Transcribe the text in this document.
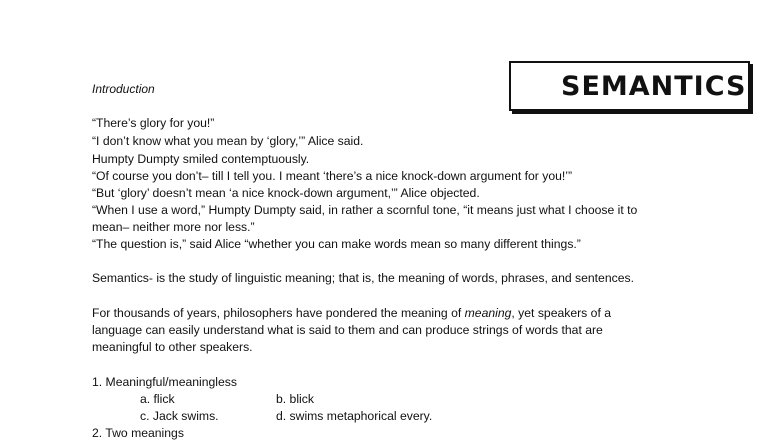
SEMANTICS
Introduction
“There’s glory for you!”
“I don’t know what you mean by ‘glory,’” Alice said.
Humpty Dumpty smiled contemptuously.
“Of course you don’t– till I tell you. I meant ‘there’s a nice knock-down argument for you!’”
“But ‘glory’ doesn’t mean ‘a nice knock-down argument,’” Alice objected.
“When I use a word,” Humpty Dumpty said, in rather a scornful tone, “it means just what I choose it to
mean– neither more nor less.”
“The question is,” said Alice “whether you can make words mean so many different things.”
Semantics- is the study of linguistic meaning; that is, the meaning of words, phrases, and sentences.
For thousands of years, philosophers have pondered the meaning of meaning, yet speakers of a
language can easily understand what is said to them and can produce strings of words that are
meaningful to other speakers.
1. Meaningful/meaningless
a. flick	b. blick
c. Jack swims.	d. swims metaphorical every.
2. Two meanings
